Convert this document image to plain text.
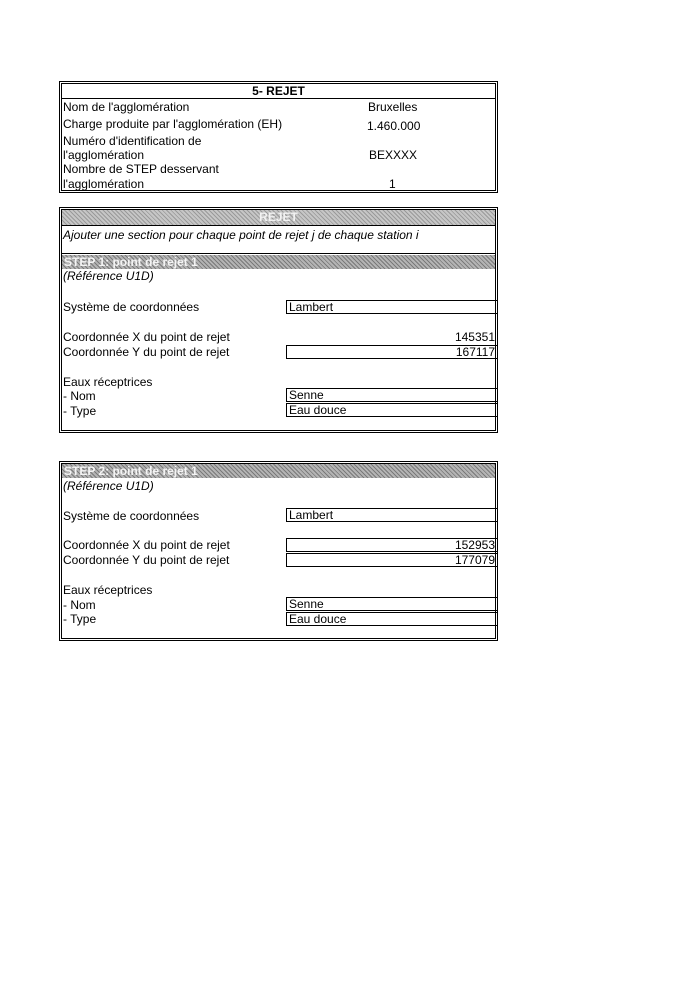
5- REJET
Nom de l'agglomération	Bruxelles
Charge produite par l'agglomération (EH)	1.460.000
Numéro d'identification de
l'agglomération	BEXXXX
Nombre de STEP desservant
l'agglomération	1
REJET
Ajouter une section pour chaque point de rejet j de chaque station i
STEP 1: point de rejet 1
(Référence U1D)
Système de coordonnées	Lambert
Coordonnée X du point de rejet	145351
Coordonnée Y du point de rejet	167117
Eaux réceptrices
- Nom	Senne
- Type	Eau douce
STEP 2: point de rejet 1
(Référence U1D)
Système de coordonnées	Lambert
Coordonnée X du point de rejet	152953
Coordonnée Y du point de rejet	177079
Eaux réceptrices
- Nom	Senne
- Type	Eau douce
